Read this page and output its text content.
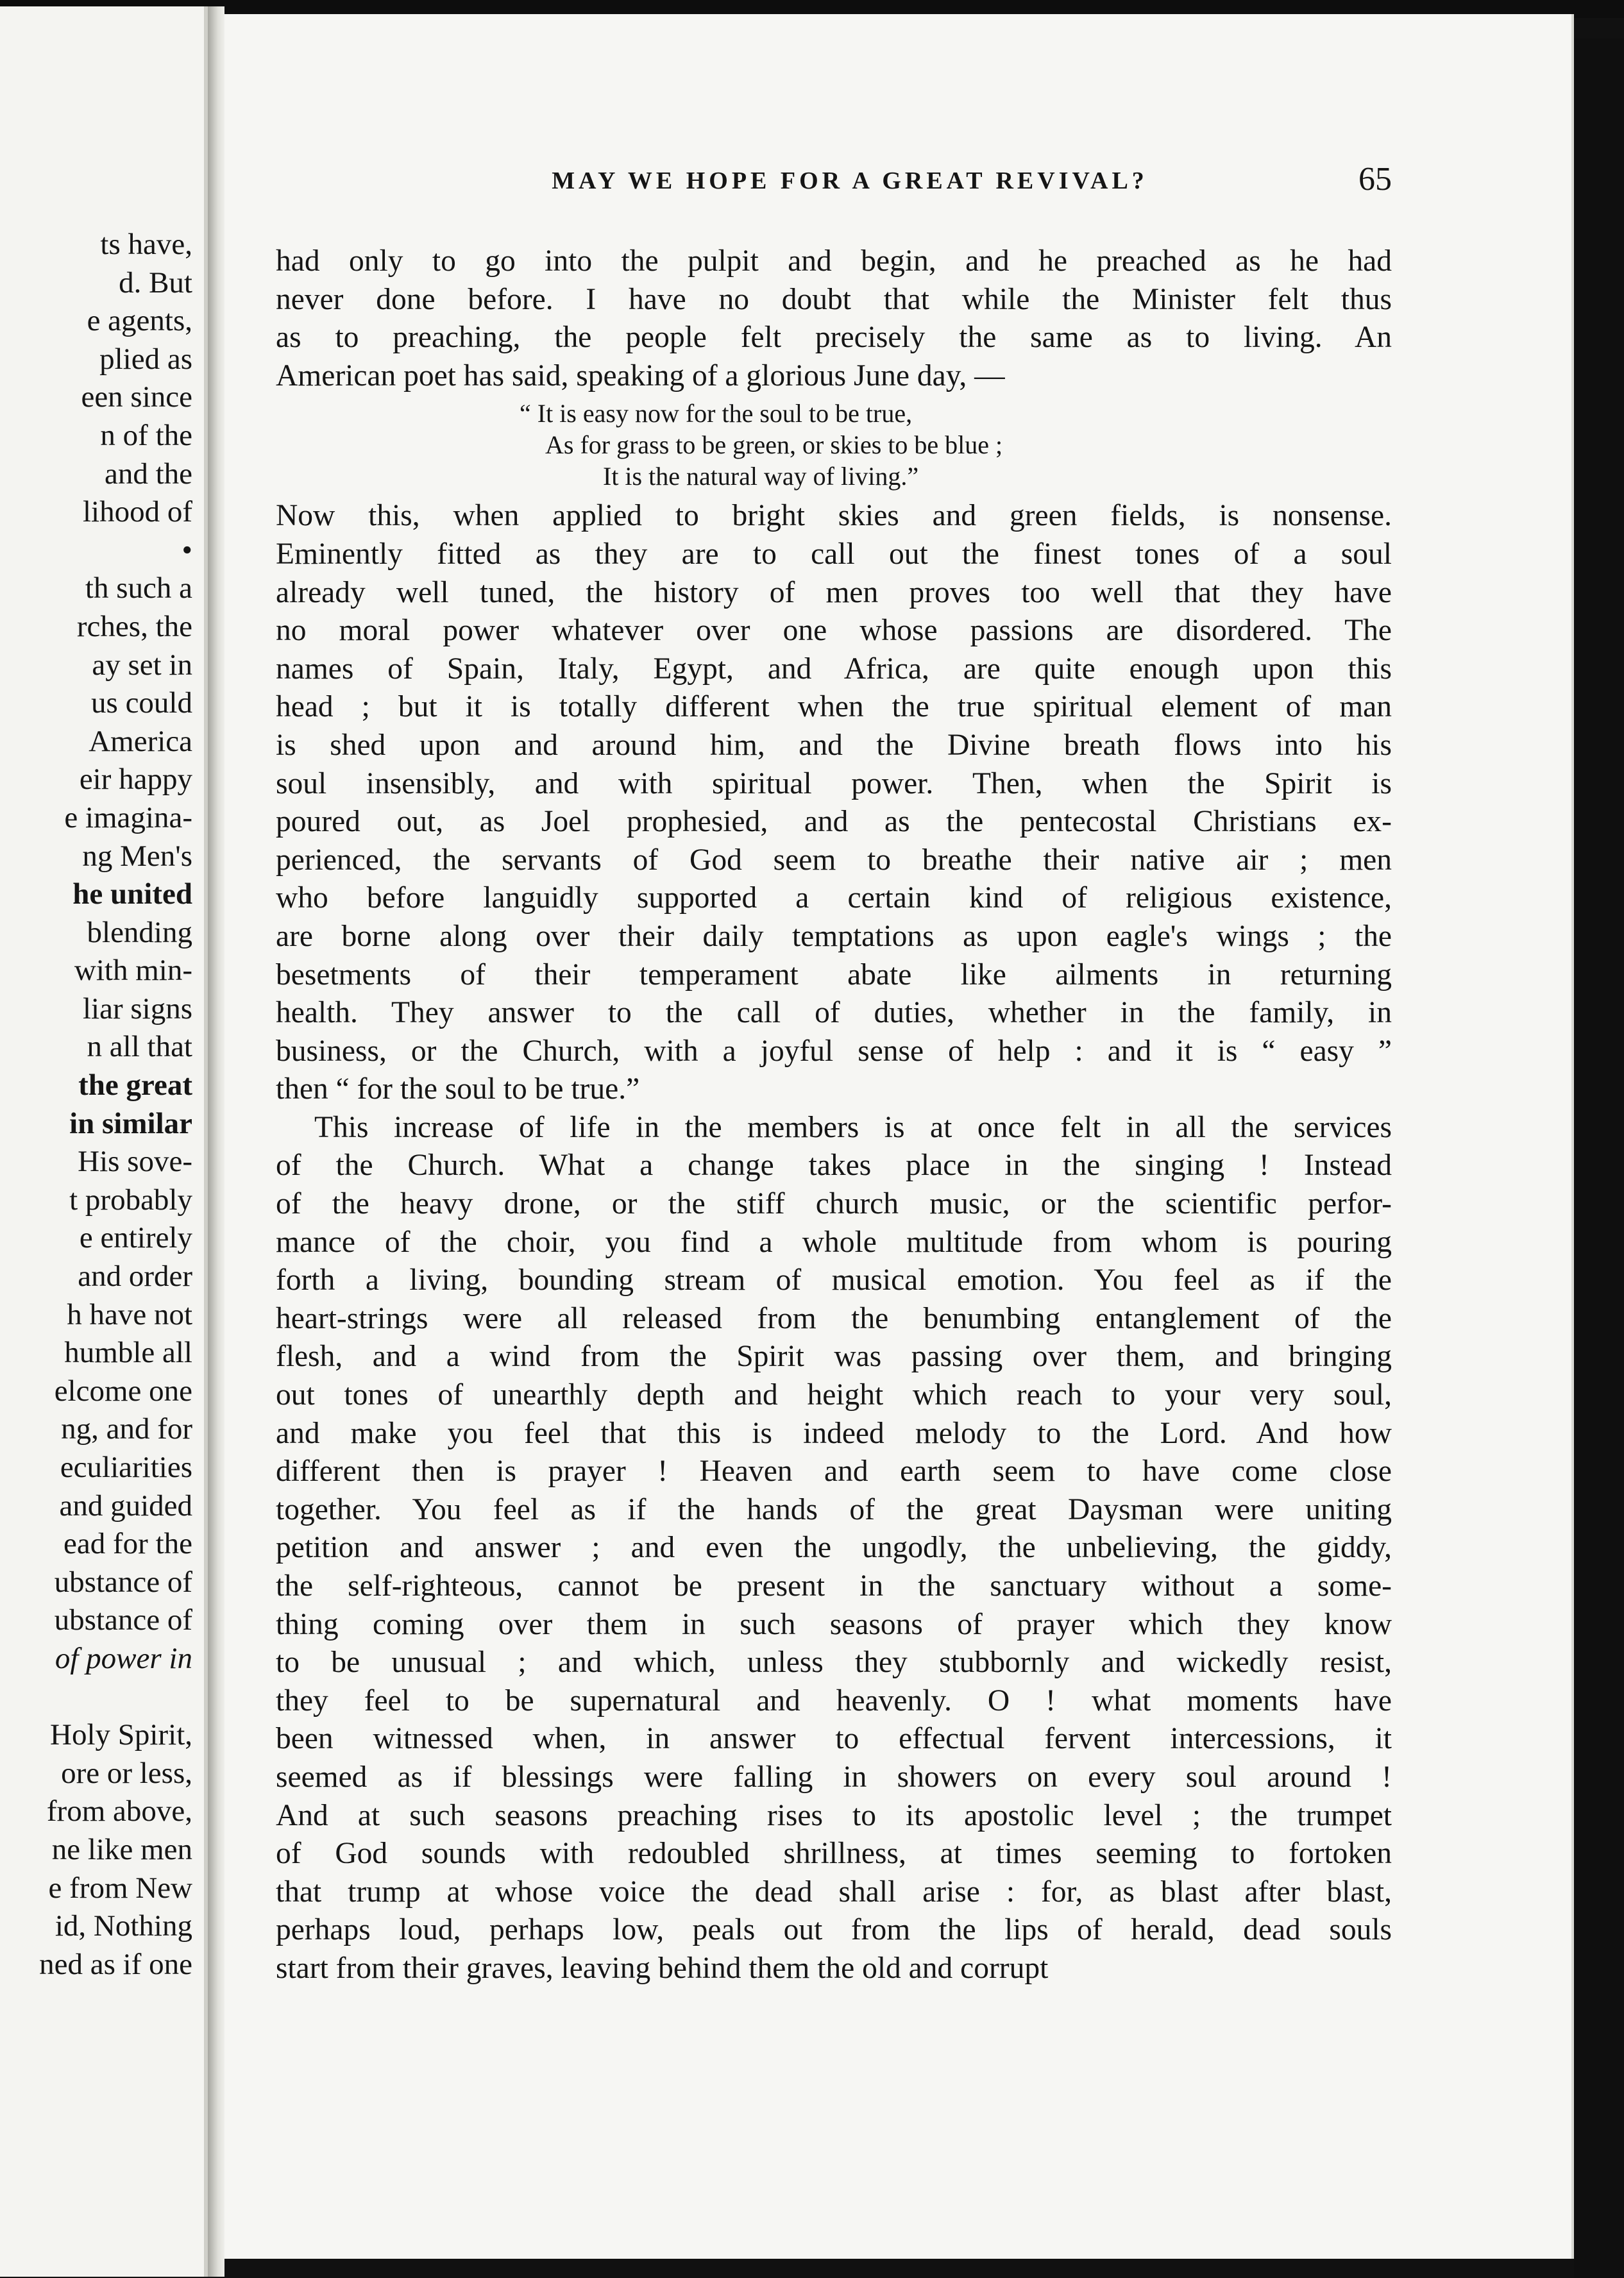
ts have,
d. But
e agents,
plied as
een since
n of the
and the
lihood of
•
th such a
rches, the
ay set in
us could
America
eir happy
e imagina-
ng Men's
he united
blending
with min-
liar signs
n all that
the great
in similar
His sove-
t probably
e entirely
and order
h have not
humble all
elcome one
ng, and for
eculiarities
and guided
ead for the
ubstance of
ubstance of
of power in
Holy Spirit,
ore or less,
from above,
ne like men
e from New
id, Nothing
ned as if one
MAY WE HOPE FOR A GREAT REVIVAL?	65

had only to go into the pulpit and begin, and he preached as he had
never done before. I have no doubt that while the Minister felt thus
as to preaching, the people felt precisely the same as to living. An
American poet has said, speaking of a glorious June day, —

“ It is easy now for the soul to be true,
As for grass to be green, or skies to be blue ;
It is the natural way of living.”

Now this, when applied to bright skies and green fields, is nonsense.
Eminently fitted as they are to call out the finest tones of a soul
already well tuned, the history of men proves too well that they have
no moral power whatever over one whose passions are disordered. The
names of Spain, Italy, Egypt, and Africa, are quite enough upon this
head ; but it is totally different when the true spiritual element of man
is shed upon and around him, and the Divine breath flows into his
soul insensibly, and with spiritual power. Then, when the Spirit is
poured out, as Joel prophesied, and as the pentecostal Christians ex-
perienced, the servants of God seem to breathe their native air ; men
who before languidly supported a certain kind of religious existence,
are borne along over their daily temptations as upon eagle's wings ; the
besetments of their temperament abate like ailments in returning
health. They answer to the call of duties, whether in the family, in
business, or the Church, with a joyful sense of help : and it is “ easy ”
then “ for the soul to be true.”

This increase of life in the members is at once felt in all the services
of the Church. What a change takes place in the singing ! Instead
of the heavy drone, or the stiff church music, or the scientific perfor-
mance of the choir, you find a whole multitude from whom is pouring
forth a living, bounding stream of musical emotion. You feel as if the
heart-strings were all released from the benumbing entanglement of the
flesh, and a wind from the Spirit was passing over them, and bringing
out tones of unearthly depth and height which reach to your very soul,
and make you feel that this is indeed melody to the Lord. And how
different then is prayer ! Heaven and earth seem to have come close
together. You feel as if the hands of the great Daysman were uniting
petition and answer ; and even the ungodly, the unbelieving, the giddy,
the self-righteous, cannot be present in the sanctuary without a some-
thing coming over them in such seasons of prayer which they know
to be unusual ; and which, unless they stubbornly and wickedly resist,
they feel to be supernatural and heavenly. O ! what moments have
been witnessed when, in answer to effectual fervent intercessions, it
seemed as if blessings were falling in showers on every soul around !
And at such seasons preaching rises to its apostolic level ; the trumpet
of God sounds with redoubled shrillness, at times seeming to fortoken
that trump at whose voice the dead shall arise : for, as blast after blast,
perhaps loud, perhaps low, peals out from the lips of herald, dead souls
start from their graves, leaving behind them the old and corrupt
